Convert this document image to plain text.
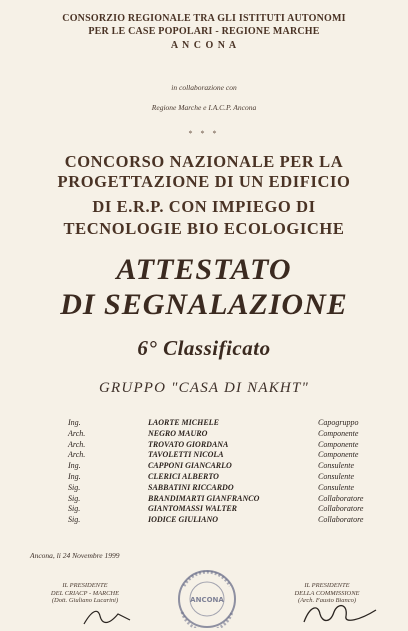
CONSORZIO REGIONALE TRA GLI ISTITUTI AUTONOMI
PER LE CASE POPOLARI - REGIONE MARCHE
A N C O N A
in collaborazione con
Regione Marche e I.A.C.P. Ancona
* * *
CONCORSO NAZIONALE PER LA
PROGETTAZIONE DI UN EDIFICIO
DI E.R.P. CON IMPIEGO DI
TECNOLOGIE BIO ECOLOGICHE
ATTESTATO
DI SEGNALAZIONE
6° Classificato
GRUPPO "CASA DI NAKHT"
Ing.	LAORTE MICHELE	Capogruppo
Arch.	NEGRO MAURO	Componente
Arch.	TROVATO GIORDANA	Componente
Arch.	TAVOLETTI NICOLA	Componente
Ing.	CAPPONI GIANCARLO	Consulente
Ing.	CLERICI ALBERTO	Consulente
Sig.	SABBATINI RICCARDO	Consulente
Sig.	BRANDIMARTI GIANFRANCO	Collaboratore
Sig.	GIANTOMASSI WALTER	Collaboratore
Sig.	IODICE GIULIANO	Collaboratore
Ancona, li 24 Novembre 1999
IL PRESIDENTE
DEL CRIACP - MARCHE
(Dott. Giuliano Lucarini)	ANCONA
IL PRESIDENTE
DELLA COMMISSIONE
(Arch. Fausto Bianco)
